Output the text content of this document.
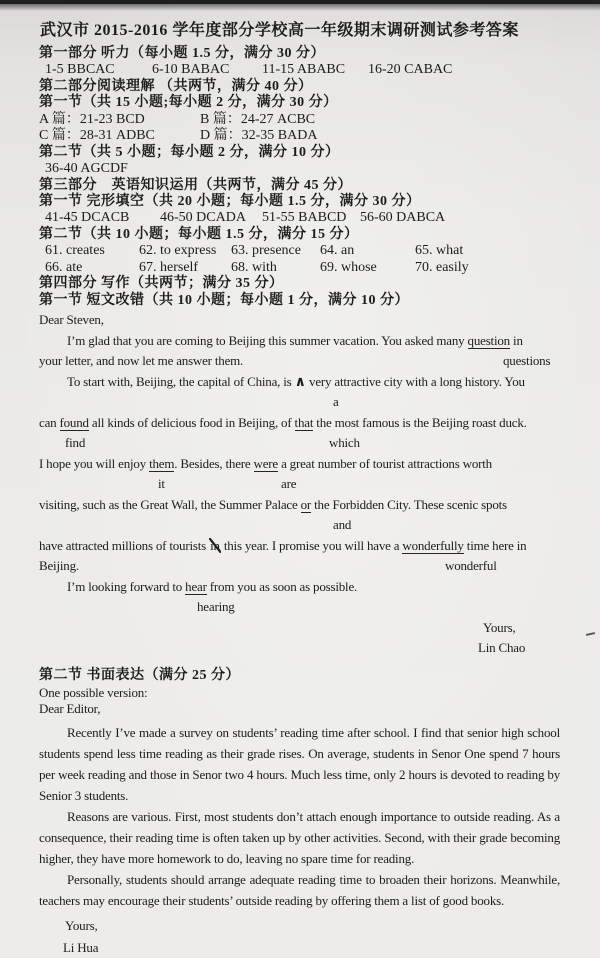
武汉市 2015-2016 学年度部分学校高一年级期末调研测试参考答案
第一部分 听力（每小题 1.5 分，满分 30 分）
1-5 BBCAC	6-10 BABAC 11-15 ABABC 16-20 CABAC
第二部分阅读理解 （共两节，满分 40 分）
第一节（共 15 小题;每小题 2 分，满分 30 分）
A 篇：21-23 BCD	B 篇：24-27 ACBC
C 篇：28-31 ADBC	D 篇：32-35 BADA
第二节（共 5 小题；每小题 2 分，满分 10 分）
36-40 AGCDF
第三部分　英语知识运用（共两节，满分 45 分）
第一节 完形填空（共 20 小题；每小题 1.5 分，满分 30 分）
41-45 DCACB 46-50 DCADA 51-55 BABCD 56-60 DABCA
第二节（共 10 小题；每小题 1.5 分，满分 15 分）
61. creates 62. to express 63. presence 64. an	65. what
66. ate	67. herself 68. with	69. whose	70. easily
第四部分 写作（共两节；满分 35 分）
第一节 短文改错（共 10 小题；每小题 1 分，满分 10 分）
Dear Steven,
I’m glad that you are coming to Beijing this summer vacation. You asked many question in
your letter, and now let me answer them.	questions
To start with, Beijing, the capital of China, is ∧ very attractive city with a long history. You
a
can found all kinds of delicious food in Beijing, of that the most famous is the Beijing roast duck.
find	which
I hope you will enjoy them. Besides, there were a great number of tourist attractions worth
it	are
visiting, such as the Great Wall, the Summer Palace or the Forbidden City. These scenic spots
and
have attracted millions of tourists in this year. I promise you will have a wonderfully time here in
Beijing.	wonderful
I’m looking forward to hear from you as soon as possible.
hearing
Yours,
Lin Chao
第二节 书面表达（满分 25 分）
One possible version:
Dear Editor,

Recently I’ve made a survey on students’ reading time after school. I find that senior high school students spend less time reading as their grade rises. On average, students in Senor One spend 7 hours per week reading and those in Senor two 4 hours. Much less time, only 2 hours is devoted to reading by Senior 3 students.

Reasons are various. First, most students don’t attach enough importance to outside reading. As a consequence, their reading time is often taken up by other activities. Second, with their grade becoming higher, they have more homework to do, leaving no spare time for reading.

Personally, students should arrange adequate reading time to broaden their horizons. Meanwhile, teachers may encourage their students’ outside reading by offering them a list of good books.

Yours,
Li Hua
